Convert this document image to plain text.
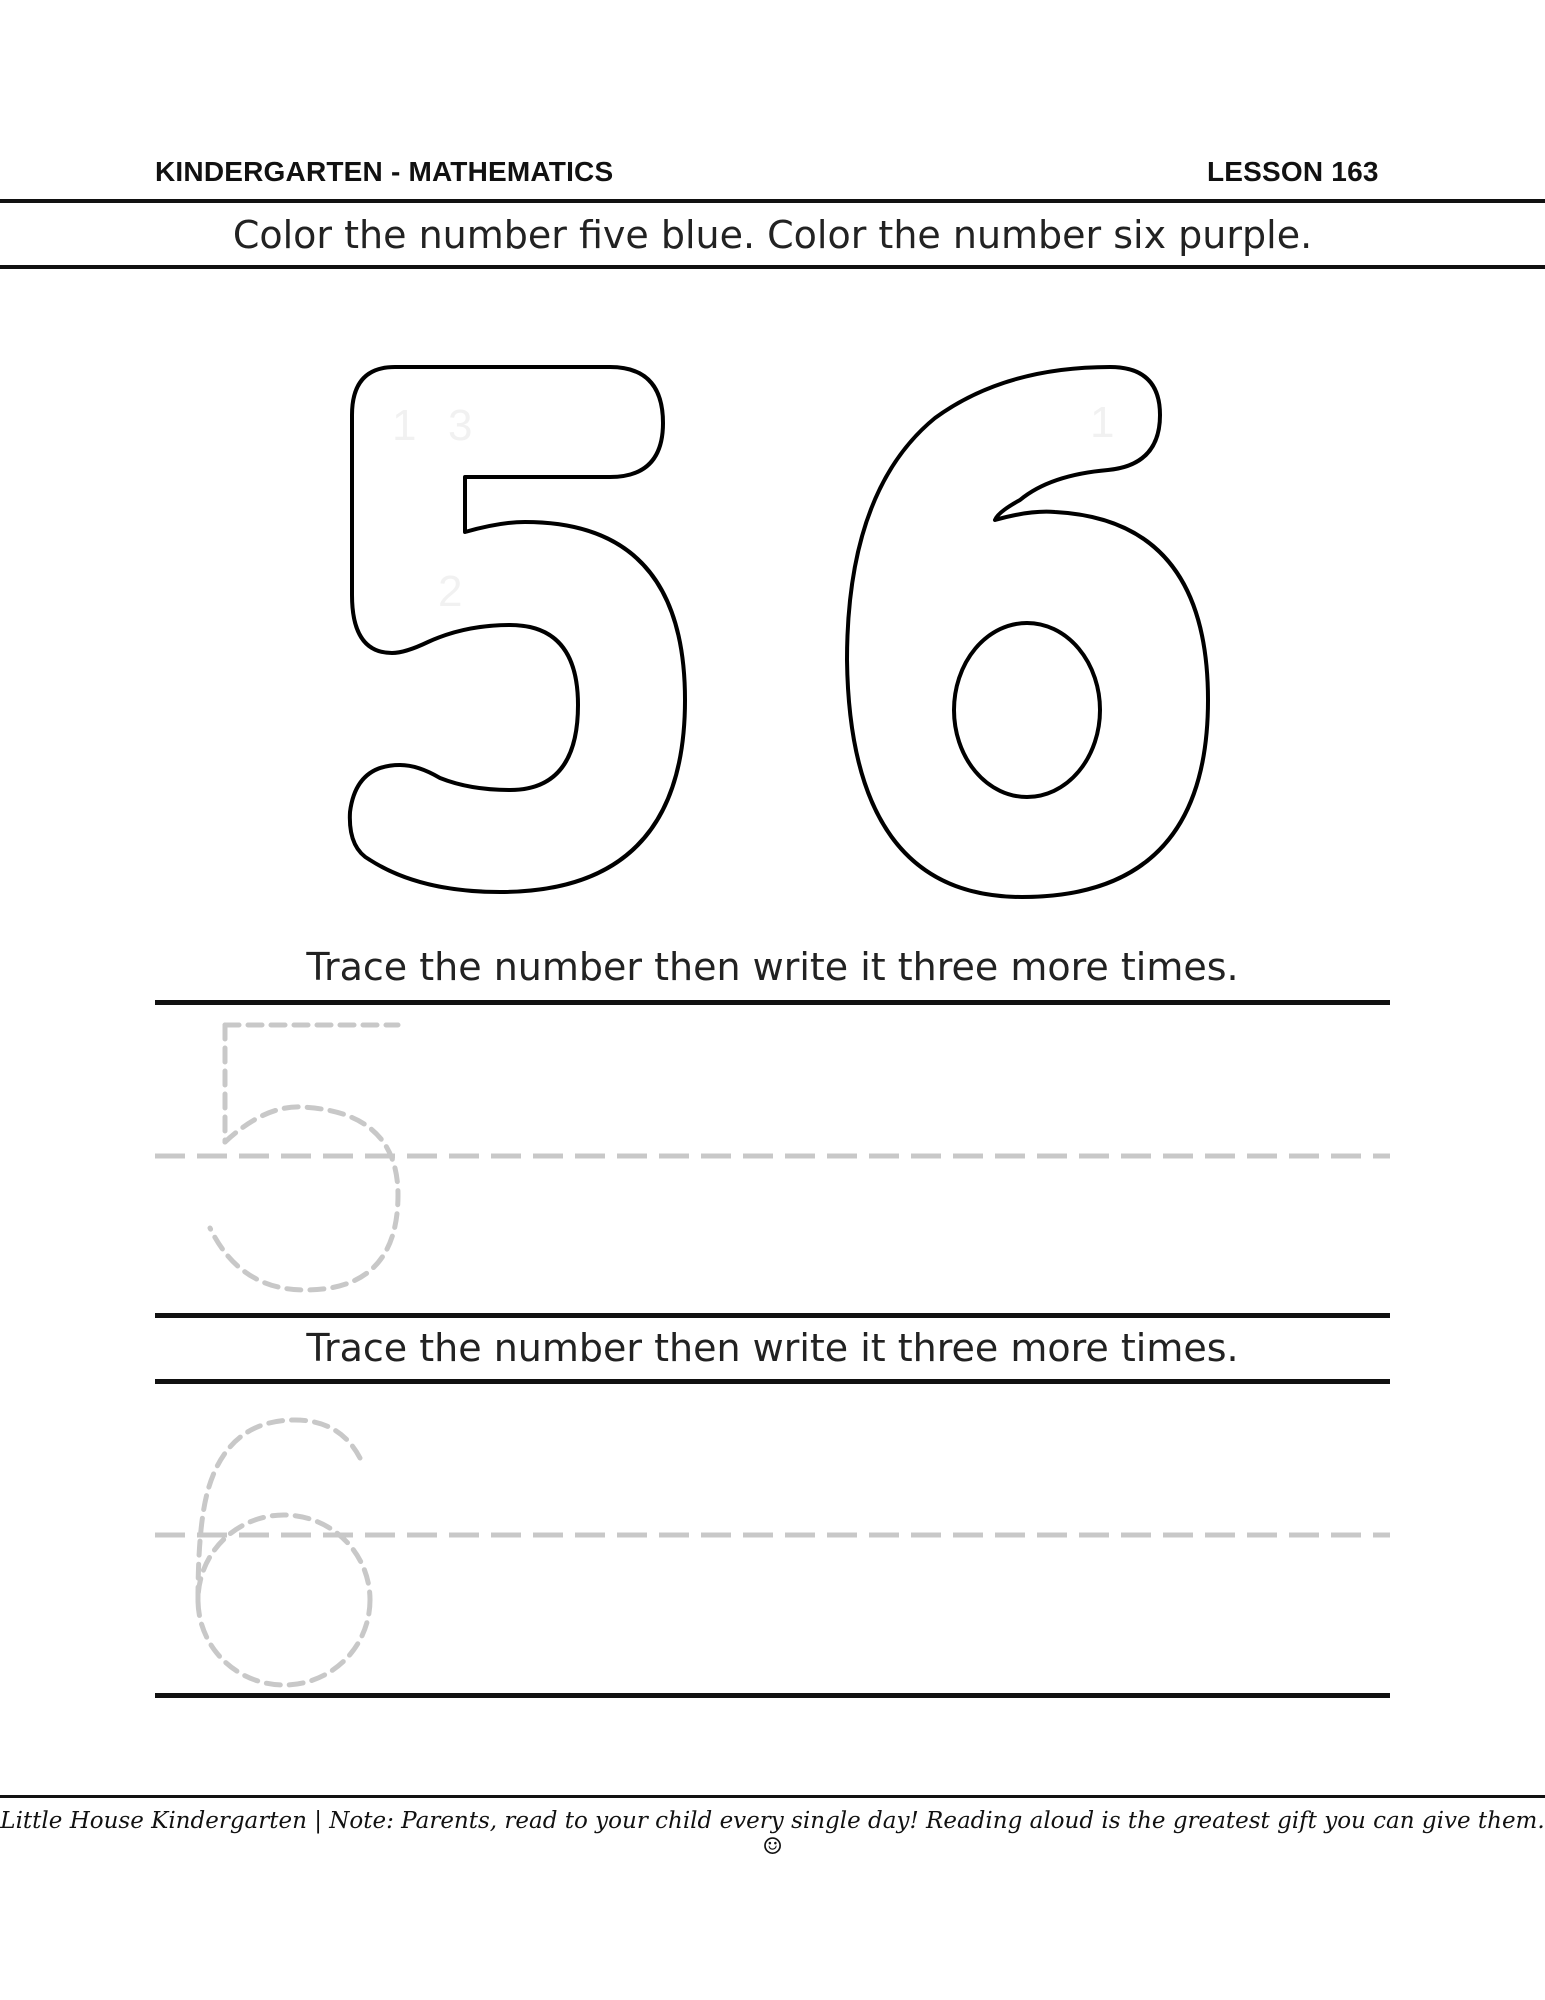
KINDERGARTEN - MATHEMATICS	LESSON 163
Color the number five blue. Color the number six purple.
1 3
2
1
Trace the number then write it three more times.
Trace the number then write it three more times.
Little House Kindergarten | Note: Parents, read to your child every single day! Reading aloud is the greatest gift you can give them. ☺
